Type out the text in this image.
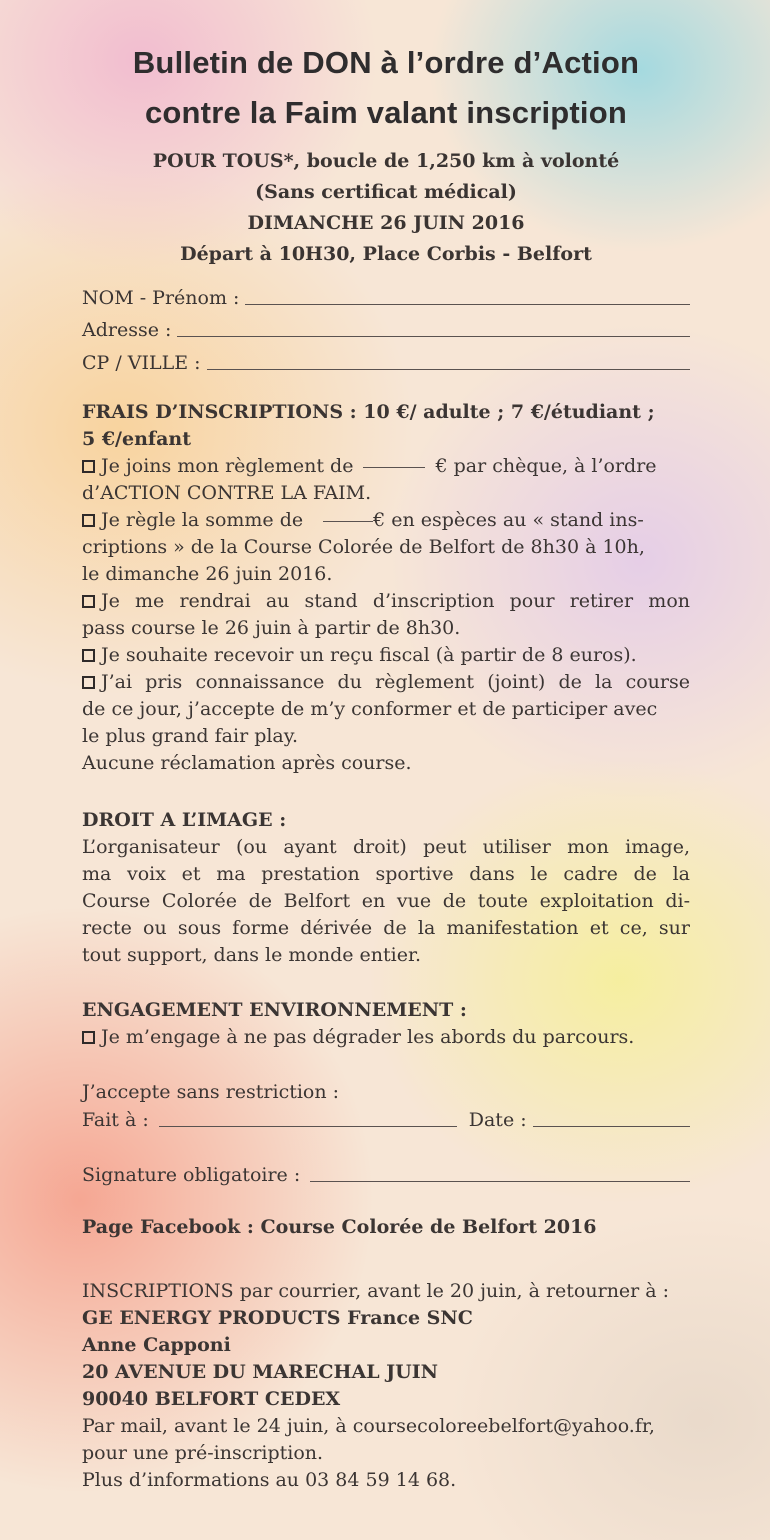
Bulletin de DON à l’ordre d’Action
contre la Faim valant inscription
POUR TOUS*, boucle de 1,250 km à volonté
(Sans certificat médical)
DIMANCHE 26 JUIN 2016
Départ à 10H30, Place Corbis - Belfort
NOM - Prénom :
Adresse :
CP / VILLE :
FRAIS D’INSCRIPTIONS : 10 €/ adulte ; 7 €/étudiant ;
5 €/enfant
Je joins mon règlement de	€ par chèque, à l’ordre
d’ACTION CONTRE LA FAIM.
Je règle la somme de	€ en espèces au « stand ins-
criptions » de la Course Colorée de Belfort de 8h30 à 10h,
le dimanche 26 juin 2016.
Je me rendrai au stand d’inscription pour retirer mon
pass course le 26 juin à partir de 8h30.
Je souhaite recevoir un reçu fiscal (à partir de 8 euros).
J’ai pris connaissance du règlement (joint) de la course
de ce jour, j’accepte de m’y conformer et de participer avec
le plus grand fair play.
Aucune réclamation après course.
DROIT A L’IMAGE :
L’organisateur (ou ayant droit) peut utiliser mon image,
ma voix et ma prestation sportive dans le cadre de la
Course Colorée de Belfort en vue de toute exploitation di-
recte ou sous forme dérivée de la manifestation et ce, sur
tout support, dans le monde entier.
ENGAGEMENT ENVIRONNEMENT :
Je m’engage à ne pas dégrader les abords du parcours.
J’accepte sans restriction :
Fait à :	Date :
Signature obligatoire :
Page Facebook : Course Colorée de Belfort 2016
INSCRIPTIONS par courrier, avant le 20 juin, à retourner à :
GE ENERGY PRODUCTS France SNC
Anne Capponi
20 AVENUE DU MARECHAL JUIN
90040 BELFORT CEDEX
Par mail, avant le 24 juin, à coursecoloreebelfort@yahoo.fr,
pour une pré-inscription.
Plus d’informations au 03 84 59 14 68.
